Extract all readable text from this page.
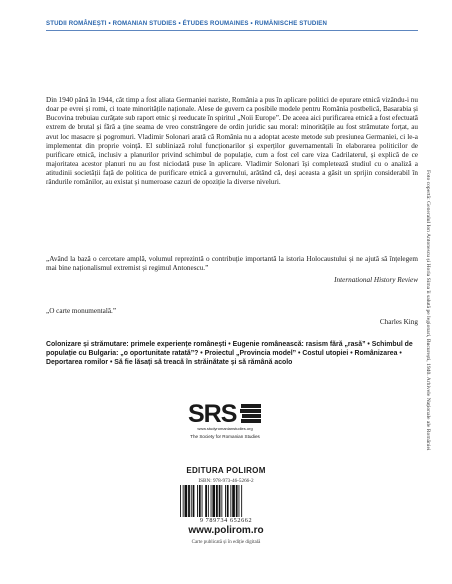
STUDII ROMÂNEȘTI • ROMANIAN STUDIES • ÉTUDES ROUMAINES • RUMÄNISCHE STUDIEN

Din 1940 până în 1944, cât timp a fost aliata Germaniei naziste, România a pus în aplicare politici de epurare etnică vizându-i nu doar pe evrei și romi, ci toate minoritățile naționale. Alese de guvern ca posibile modele pentru România postbelică, Basarabia și Bucovina trebuiau curățate sub raport etnic și reeducate în spiritul „Noii Europe”. De aceea aici purificarea etnică a fost efectuată extrem de brutal și fără a ține seama de vreo constrângere de ordin juridic sau moral: minoritățile au fost strămutate forțat, au avut loc masacre și pogromuri. Vladimir Solonari arată că România nu a adoptat aceste metode sub presiunea Germaniei, ci le-a implementat din proprie voință. El subliniază rolul funcționarilor și experților guvernamentali în elaborarea politicilor de purificare etnică, inclusiv a planurilor privind schimbul de populație, cum a fost cel care viza Cadrilaterul, și explică de ce majoritatea acestor planuri nu au fost niciodată puse în aplicare. Vladimir Solonari își completează studiul cu o analiză a atitudinii societății față de politica de purificare etnică a guvernului, arătând că, deși aceasta a găsit un sprijin considerabil în rândurile românilor, au existat și numeroase cazuri de opoziție la diverse niveluri.

„Având la bază o cercetare amplă, volumul reprezintă o contribuție importantă la istoria Holocaustului și ne ajută să înțelegem mai bine naționalismul extremist și regimul Antonescu.”

International History Review
„O carte monumentală.”
Charles King

Colonizare și strămutare: primele experiențe românești • Eugenie românească: rasism fără „rasă” • Schimbul de populație cu Bulgaria: „o oportunitate ratată”? • Proiectul „Provincia model” • Costul utopiei • Românizarea • Deportarea romilor • Să fie lăsați să treacă în străinătate și să rămână acolo

SRS
www.studyromanianstudies.org
The Society for Romanian Studies
EDITURA POLIROM
ISBN: 978-973-46-5266-2
9 789734 652662
www.polirom.ro
Carte publicată și în ediție digitală
Foto copertă: Generalul Ion Antonescu și Horia Sima îi salută pe legionari, București, 1940. Arhivele Naționale ale României
